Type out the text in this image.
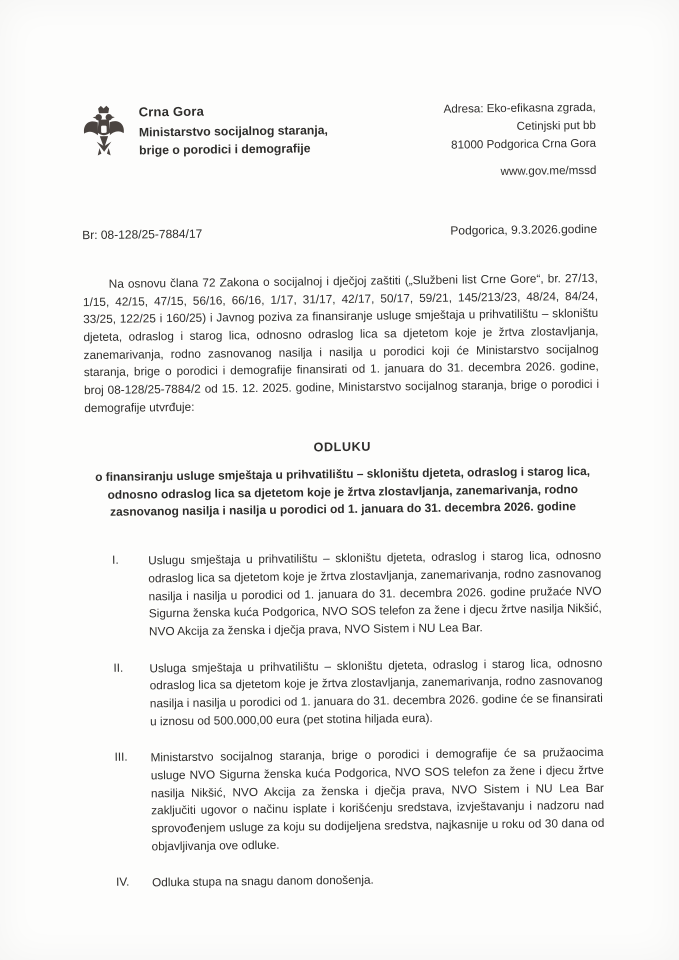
Crna Gora
Ministarstvo socijalnog staranja,
brige o porodici i demografije
Adresa: Eko-efikasna zgrada,
Cetinjski put bb
81000 Podgorica Crna Gora
www.gov.me/mssd
Br: 08-128/25-7884/17	Podgorica, 9.3.2026.godine

Na osnovu člana 72 Zakona o socijalnoj i dječjoj zaštiti („Službeni list Crne Gore“, br. 27/13, 1/15, 42/15, 47/15, 56/16, 66/16, 1/17, 31/17, 42/17, 50/17, 59/21, 145/213/23, 48/24, 84/24, 33/25, 122/25 i 160/25) i Javnog poziva za finansiranje usluge smještaja u prihvatilištu – skloništu djeteta, odraslog i starog lica, odnosno odraslog lica sa djetetom koje je žrtva zlostavljanja, zanemarivanja, rodno zasnovanog nasilja i nasilja u porodici koji će Ministarstvo socijalnog staranja, brige o porodici i demografije finansirati od 1. januara do 31. decembra 2026. godine, broj 08-128/25-7884/2 od 15. 12. 2025. godine, Ministarstvo socijalnog staranja, brige o porodici i demografije utvrđuje:

ODLUKU
o finansiranju usluge smještaja u prihvatilištu – skloništu djeteta, odraslog i starog lica, odnosno odraslog lica sa djetetom koje je žrtva zlostavljanja, zanemarivanja, rodno zasnovanog nasilja i nasilja u porodici od 1. januara do 31. decembra 2026. godine
I.	Uslugu smještaja u prihvatilištu – skloništu djeteta, odraslog i starog lica, odnosno odraslog lica sa djetetom koje je žrtva zlostavljanja, zanemarivanja, rodno zasnovanog nasilja i nasilja u porodici od 1. januara do 31. decembra 2026. godine pružaće NVO Sigurna ženska kuća Podgorica, NVO SOS telefon za žene i djecu žrtve nasilja Nikšić, NVO Akcija za ženska i dječja prava, NVO Sistem i NU Lea Bar.
II.	Usluga smještaja u prihvatilištu – skloništu djeteta, odraslog i starog lica, odnosno odraslog lica sa djetetom koje je žrtva zlostavljanja, zanemarivanja, rodno zasnovanog nasilja i nasilja u porodici od 1. januara do 31. decembra 2026. godine će se finansirati u iznosu od 500.000,00 eura (pet stotina hiljada eura).
III.	Ministarstvo socijalnog staranja, brige o porodici i demografije će sa pružaocima usluge NVO Sigurna ženska kuća Podgorica, NVO SOS telefon za žene i djecu žrtve nasilja Nikšić, NVO Akcija za ženska i dječja prava, NVO Sistem i NU Lea Bar zaključiti ugovor o načinu isplate i korišćenju sredstava, izvještavanju i nadzoru nad sprovođenjem usluge za koju su dodijeljena sredstva, najkasnije u roku od 30 dana od objavljivanja ove odluke.
IV.	Odluka stupa na snagu danom donošenja.
